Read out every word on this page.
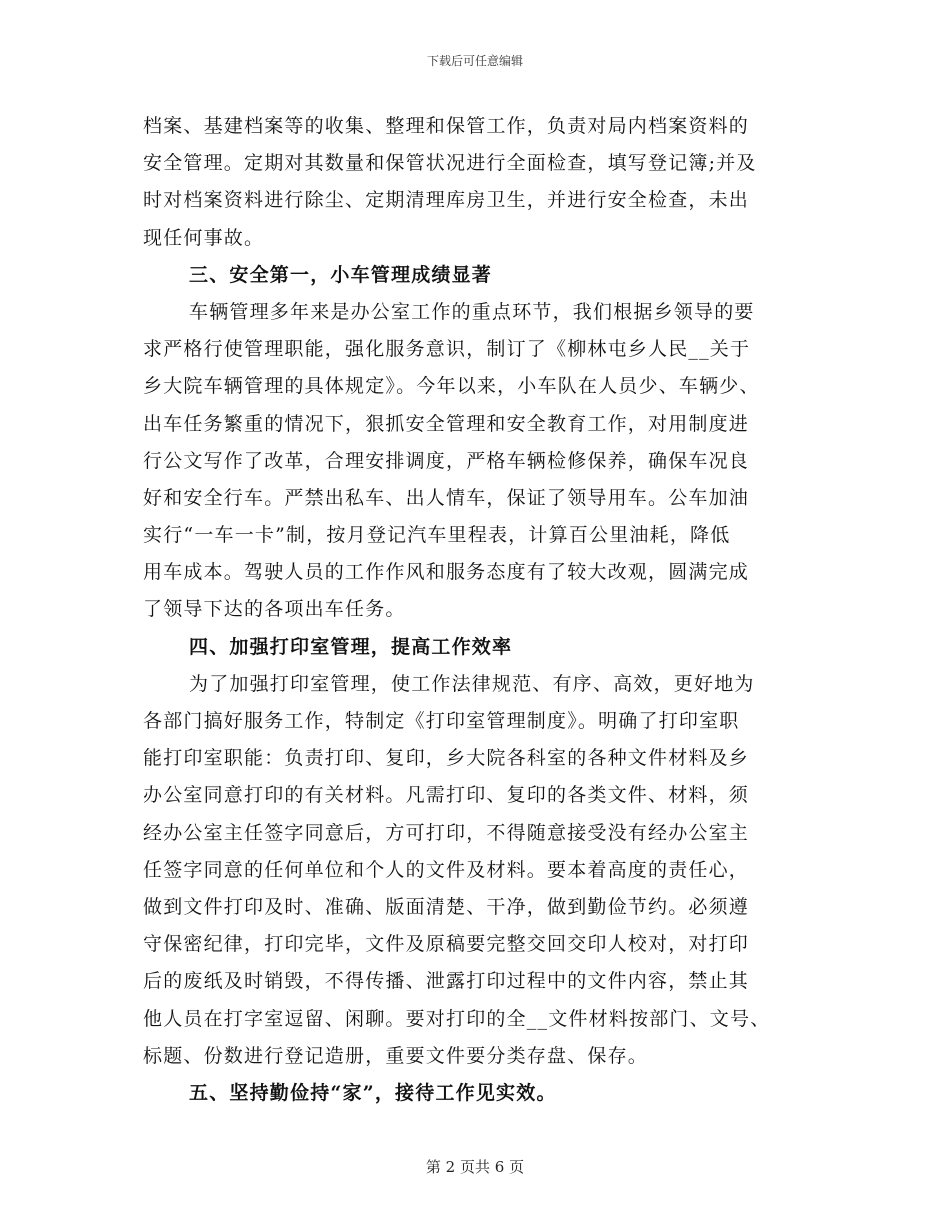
下载后可任意编辑
档案、基建档案等的收集、整理和保管工作，负责对局内档案资料的
安全管理。定期对其数量和保管状况进行全面检查，填写登记簿;并及
时对档案资料进行除尘、定期清理库房卫生，并进行安全检查，未出
现任何事故。
三、安全第一，小车管理成绩显著
车辆管理多年来是办公室工作的重点环节，我们根据乡领导的要
求严格行使管理职能，强化服务意识，制订了《柳林屯乡人民__关于
乡大院车辆管理的具体规定》。今年以来，小车队在人员少、车辆少、
出车任务繁重的情况下，狠抓安全管理和安全教育工作，对用制度进
行公文写作了改革，合理安排调度，严格车辆检修保养，确保车况良
好和安全行车。严禁出私车、出人情车，保证了领导用车。公车加油
实行“一车一卡”制，按月登记汽车里程表，计算百公里油耗，降低
用车成本。驾驶人员的工作作风和服务态度有了较大改观，圆满完成
了领导下达的各项出车任务。
四、加强打印室管理，提高工作效率
为了加强打印室管理，使工作法律规范、有序、高效，更好地为
各部门搞好服务工作，特制定《打印室管理制度》。明确了打印室职
能打印室职能：负责打印、复印，乡大院各科室的各种文件材料及乡
办公室同意打印的有关材料。凡需打印、复印的各类文件、材料，须
经办公室主任签字同意后，方可打印，不得随意接受没有经办公室主
任签字同意的任何单位和个人的文件及材料。要本着高度的责任心，
做到文件打印及时、准确、版面清楚、干净，做到勤俭节约。必须遵
守保密纪律，打印完毕，文件及原稿要完整交回交印人校对，对打印
后的废纸及时销毁，不得传播、泄露打印过程中的文件内容，禁止其
他人员在打字室逗留、闲聊。要对打印的全__文件材料按部门、文号、
标题、份数进行登记造册，重要文件要分类存盘、保存。
五、坚持勤俭持“家”，接待工作见实效。
第 2 页共 6 页
